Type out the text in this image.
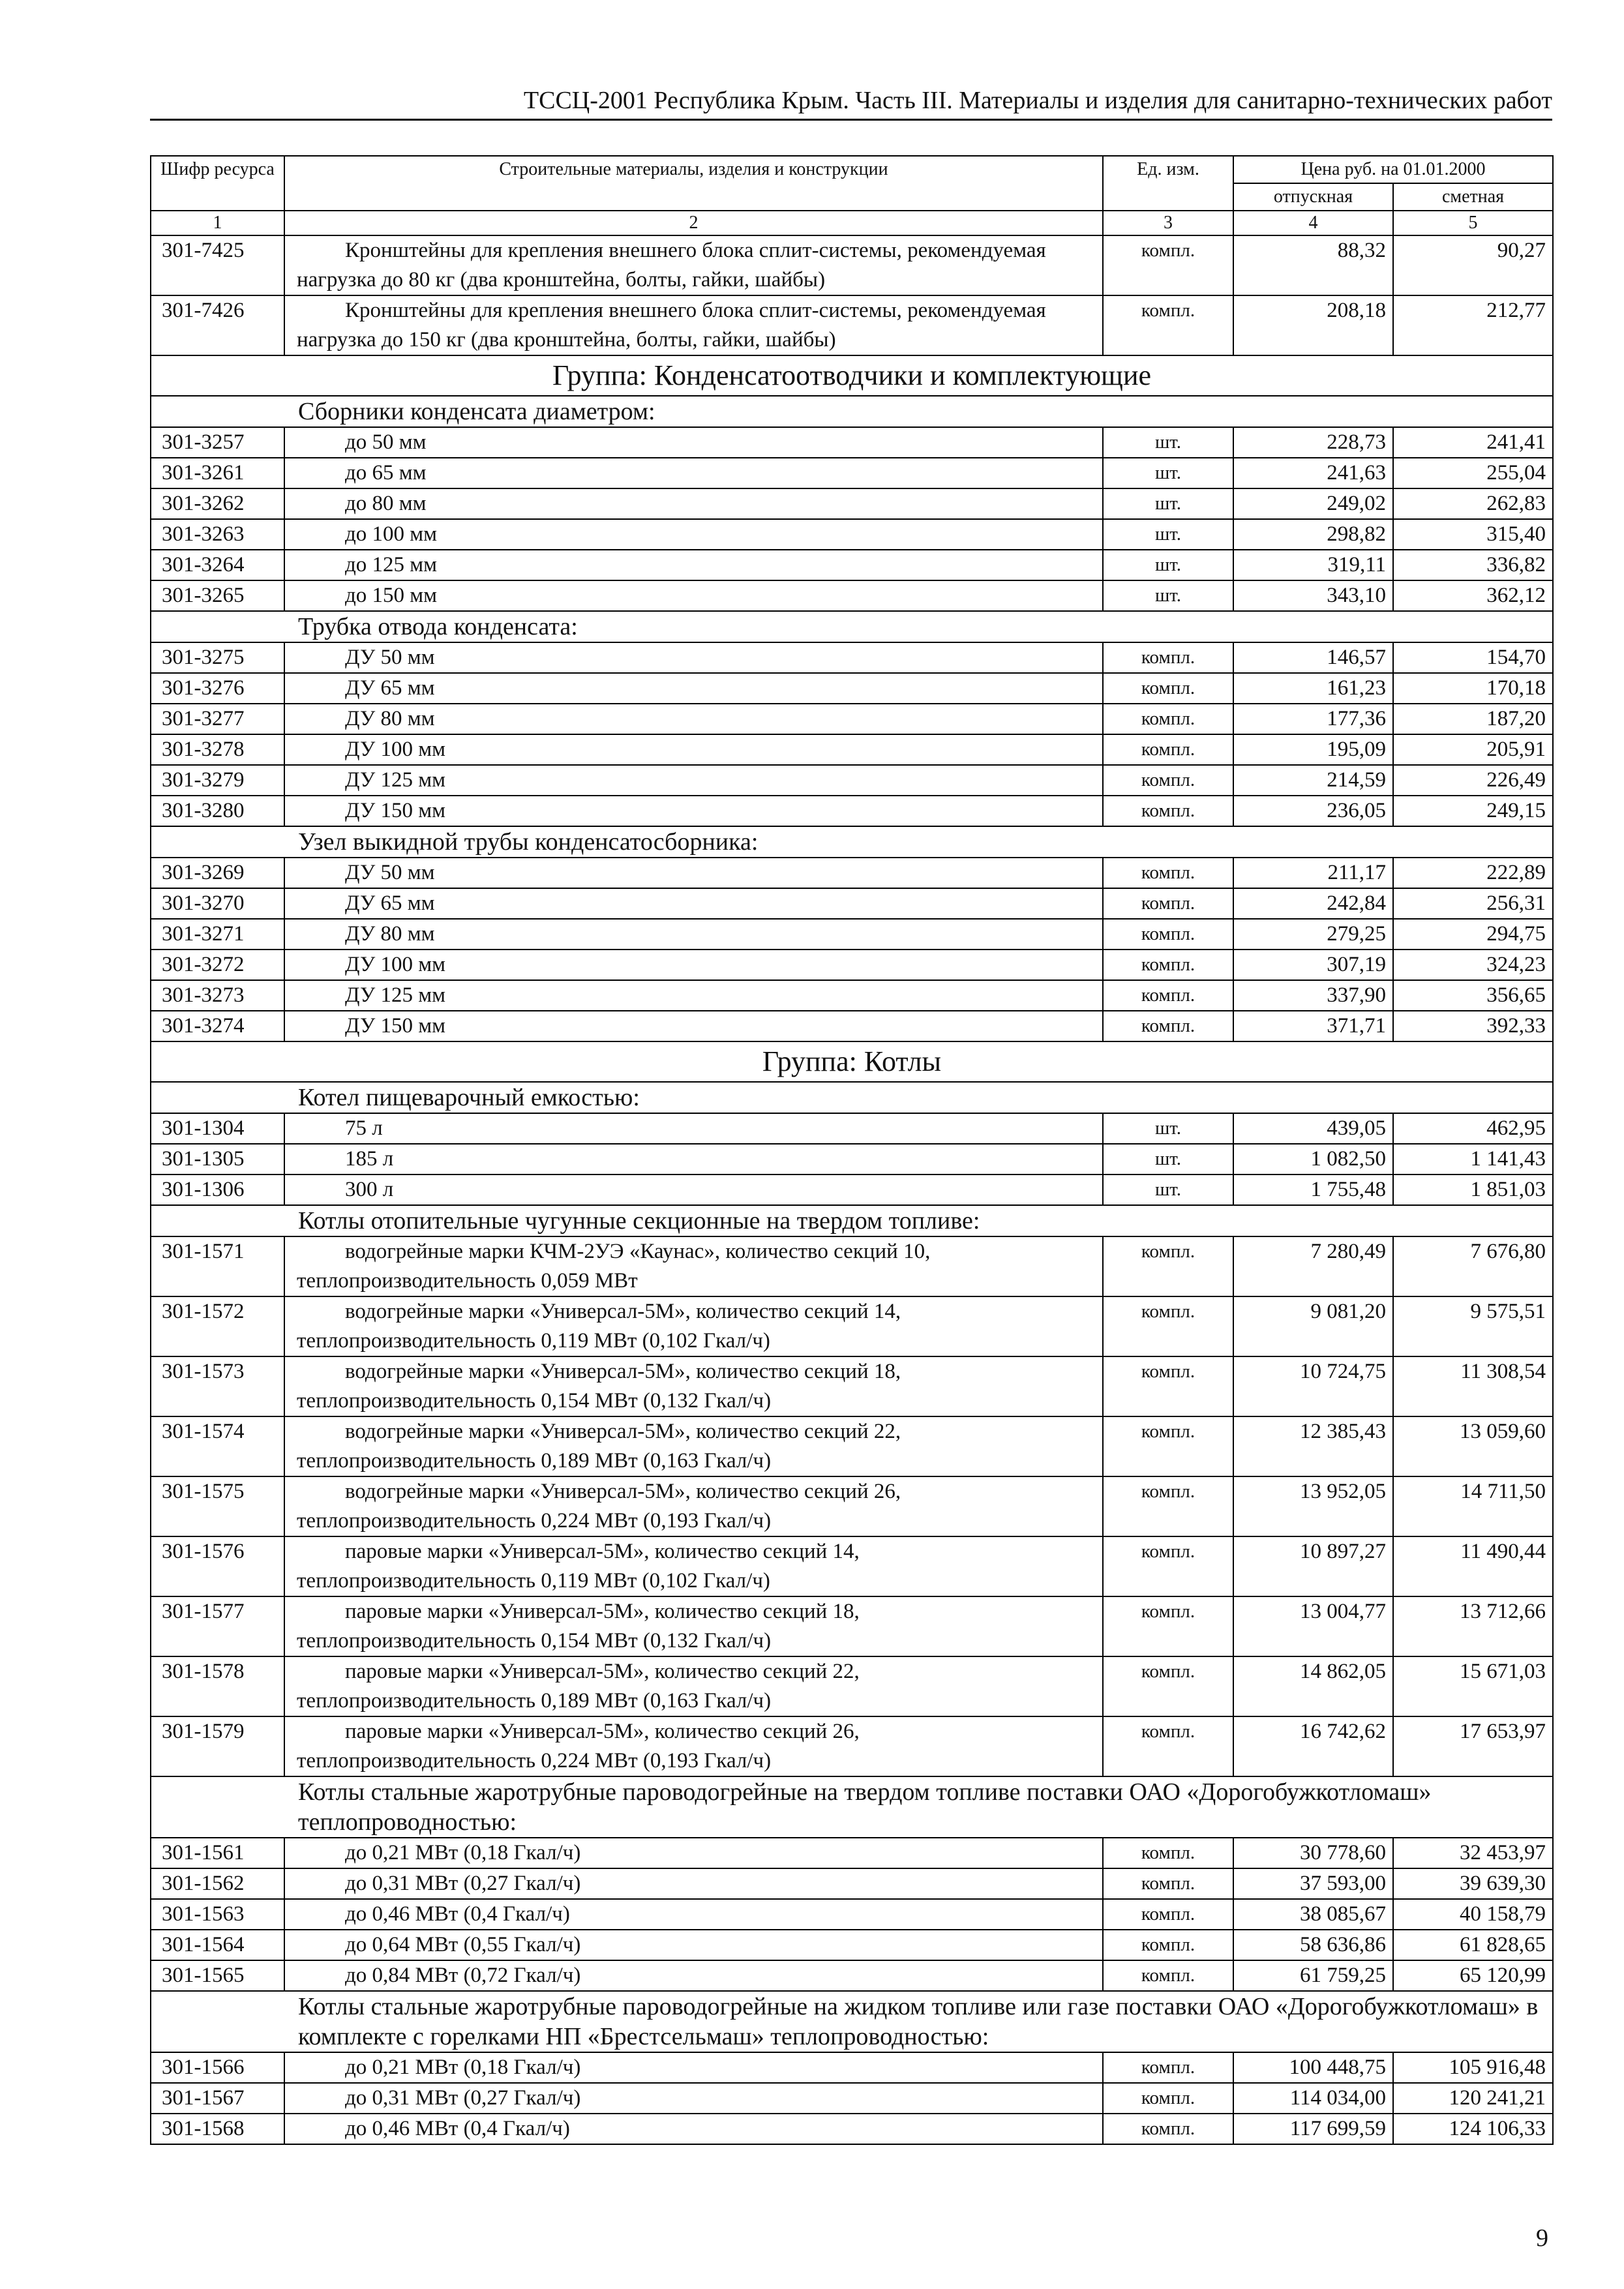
ТССЦ-2001 Республика Крым. Часть III. Материалы и изделия для санитарно-технических работ
Шифр ресурса	Строительные материалы, изделия и конструкции	Ед. изм.	Цена руб. на 01.01.2000	
			отпускная	сметная
1	2	3	4	5
301-7425	Кронштейны для крепления внешнего блока сплит-системы, рекомендуемая нагрузка до 80 кг (два кронштейна, болты, гайки, шайбы)	компл.	88,32	90,27
301-7426	Кронштейны для крепления внешнего блока сплит-системы, рекомендуемая нагрузка до 150 кг (два кронштейна, болты, гайки, шайбы)	компл.	208,18	212,77
Группа: Конденсатоотводчики и комплектующие				
Сборники конденсата диаметром:				
301-3257	до 50 мм	шт.	228,73	241,41
301-3261	до 65 мм	шт.	241,63	255,04
301-3262	до 80 мм	шт.	249,02	262,83
301-3263	до 100 мм	шт.	298,82	315,40
301-3264	до 125 мм	шт.	319,11	336,82
301-3265	до 150 мм	шт.	343,10	362,12
Трубка отвода конденсата:				
301-3275	ДУ 50 мм	компл.	146,57	154,70
301-3276	ДУ 65 мм	компл.	161,23	170,18
301-3277	ДУ 80 мм	компл.	177,36	187,20
301-3278	ДУ 100 мм	компл.	195,09	205,91
301-3279	ДУ 125 мм	компл.	214,59	226,49
301-3280	ДУ 150 мм	компл.	236,05	249,15
Узел выкидной трубы конденсатосборника:				
301-3269	ДУ 50 мм	компл.	211,17	222,89
301-3270	ДУ 65 мм	компл.	242,84	256,31
301-3271	ДУ 80 мм	компл.	279,25	294,75
301-3272	ДУ 100 мм	компл.	307,19	324,23
301-3273	ДУ 125 мм	компл.	337,90	356,65
301-3274	ДУ 150 мм	компл.	371,71	392,33
Группа: Котлы				
Котел пищеварочный емкостью:				
301-1304	75 л	шт.	439,05	462,95
301-1305	185 л	шт.	1 082,50	1 141,43
301-1306	300 л	шт.	1 755,48	1 851,03
Котлы отопительные чугунные секционные на твердом топливе:				
301-1571	водогрейные марки КЧМ-2УЭ «Каунас», количество секций 10, теплопроизводительность 0,059 МВт	компл.	7 280,49	7 676,80
301-1572	водогрейные марки «Универсал-5М», количество секций 14, теплопроизводительность 0,119 МВт (0,102 Гкал/ч)	компл.	9 081,20	9 575,51
301-1573	водогрейные марки «Универсал-5М», количество секций 18, теплопроизводительность 0,154 МВт (0,132 Гкал/ч)	компл.	10 724,75	11 308,54
301-1574	водогрейные марки «Универсал-5М», количество секций 22, теплопроизводительность 0,189 МВт (0,163 Гкал/ч)	компл.	12 385,43	13 059,60
301-1575	водогрейные марки «Универсал-5М», количество секций 26, теплопроизводительность 0,224 МВт (0,193 Гкал/ч)	компл.	13 952,05	14 711,50
301-1576	паровые марки «Универсал-5М», количество секций 14, теплопроизводительность 0,119 МВт (0,102 Гкал/ч)	компл.	10 897,27	11 490,44
301-1577	паровые марки «Универсал-5М», количество секций 18, теплопроизводительность 0,154 МВт (0,132 Гкал/ч)	компл.	13 004,77	13 712,66
301-1578	паровые марки «Универсал-5М», количество секций 22, теплопроизводительность 0,189 МВт (0,163 Гкал/ч)	компл.	14 862,05	15 671,03
301-1579	паровые марки «Универсал-5М», количество секций 26, теплопроизводительность 0,224 МВт (0,193 Гкал/ч)	компл.	16 742,62	17 653,97
Котлы стальные жаротрубные пароводогрейные на твердом топливе поставки ОАО «Дорогобужкотломаш» теплопроводностью:				
301-1561	до 0,21 МВт (0,18 Гкал/ч)	компл.	30 778,60	32 453,97
301-1562	до 0,31 МВт (0,27 Гкал/ч)	компл.	37 593,00	39 639,30
301-1563	до 0,46 МВт (0,4 Гкал/ч)	компл.	38 085,67	40 158,79
301-1564	до 0,64 МВт (0,55 Гкал/ч)	компл.	58 636,86	61 828,65
301-1565	до 0,84 МВт (0,72 Гкал/ч)	компл.	61 759,25	65 120,99
Котлы стальные жаротрубные пароводогрейные на жидком топливе или газе поставки ОАО «Дорогобужкотломаш» в комплекте с горелками НП «Брестсельмаш» теплопроводностью:				
301-1566	до 0,21 МВт (0,18 Гкал/ч)	компл.	100 448,75	105 916,48
301-1567	до 0,31 МВт (0,27 Гкал/ч)	компл.	114 034,00	120 241,21
301-1568	до 0,46 МВт (0,4 Гкал/ч)	компл.	117 699,59	124 106,33
9
